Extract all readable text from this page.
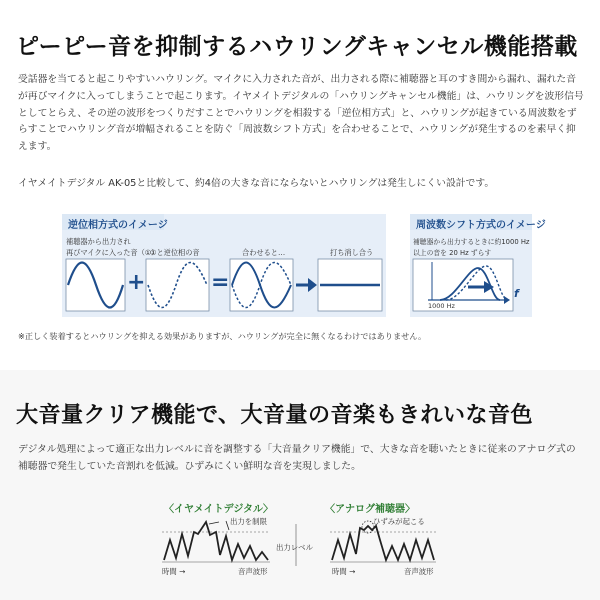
ピーピー音を抑制するハウリングキャンセル機能搭載

受話器を当てると起こりやすいハウリング。マイクに入力された音が、出力される際に補聴器と耳のすき間から漏れ、漏れた音が再びマイクに入ってしまうことで起こります。イヤメイトデジタルの「ハウリングキャンセル機能」は、ハウリングを波形信号としてとらえ、その逆の波形をつくりだすことでハウリングを相殺する「逆位相方式」と、ハウリングが起きている周波数をずらすことでハウリング音が増幅されることを防ぐ「周波数シフト方式」を合わせることで、ハウリングが発生するのを素早く抑えます。

イヤメイトデジタル AK-05と比較して、約4倍の大きな音にならないとハウリングは発生しにくい設計です。

逆位相方式のイメージ
補聴器から出力され
再びマイクに入った音（①）
①と逆位相の音	合わせると…	打ち消し合う
+	=
周波数シフト方式のイメージ
補聴器から出力するときに約1000 Hz
以上の音を 20 Hz ずらす
f
1000 Hz

※正しく装着するとハウリングを抑える効果がありますが、ハウリングが完全に無くなるわけではありません。

大音量クリア機能で、大音量の音楽もきれいな音色

デジタル処理によって適正な出力レベルに音を調整する「大音量クリア機能」で、大きな音を聴いたときに従来のアナログ式の補聴器で発生していた音割れを低減。ひずみにくい鮮明な音を実現しました。

〈イヤメイトデジタル〉	〈アナログ補聴器〉
出力を制限	ひずみが起こる
出力レベル
時間 →	音声波形	時間 →	音声波形
